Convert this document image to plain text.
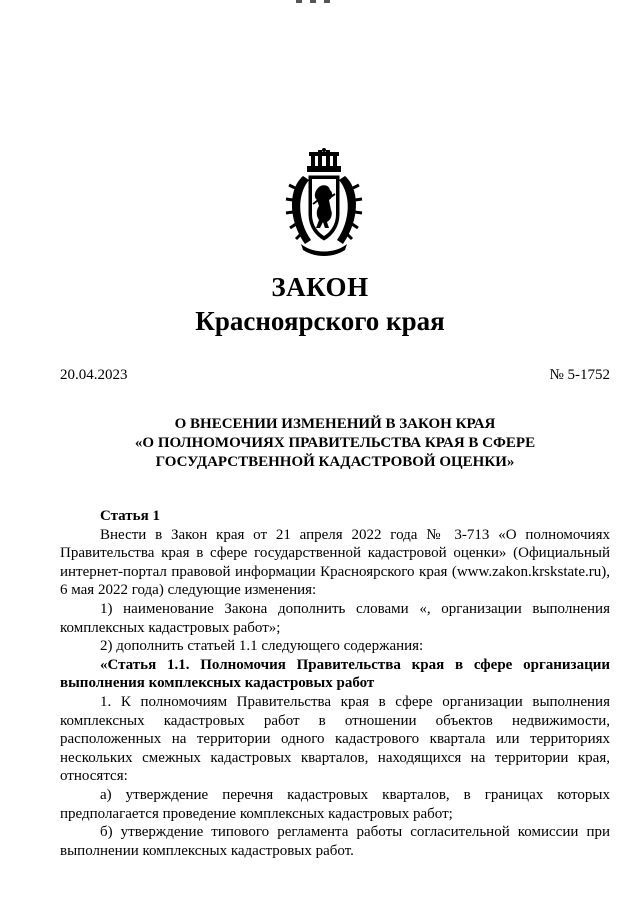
ЗАКОН
Красноярского края
20.04.2023	№ 5-1752
О ВНЕСЕНИИ ИЗМЕНЕНИЙ В ЗАКОН КРАЯ
«О ПОЛНОМОЧИЯХ ПРАВИТЕЛЬСТВА КРАЯ В СФЕРЕ
ГОСУДАРСТВЕННОЙ КАДАСТРОВОЙ ОЦЕНКИ»

Статья 1

Внести в Закон края от 21 апреля 2022 года № 3-713 «О полномочиях Правительства края в сфере государственной кадастровой оценки» (Официальный интернет-портал правовой информации Красноярского края (www.zakon.krskstate.ru), 6 мая 2022 года) следующие изменения:

1) наименование Закона дополнить словами «, организации выполнения комплексных кадастровых работ»;

2) дополнить статьей 1.1 следующего содержания:

«Статья 1.1. Полномочия Правительства края в сфере организации выполнения комплексных кадастровых работ

1. К полномочиям Правительства края в сфере организации выполнения комплексных кадастровых работ в отношении объектов недвижимости, расположенных на территории одного кадастрового квартала или территориях нескольких смежных кадастровых кварталов, находящихся на территории края, относятся:

а) утверждение перечня кадастровых кварталов, в границах которых предполагается проведение комплексных кадастровых работ;

б) утверждение типового регламента работы согласительной комиссии при выполнении комплексных кадастровых работ.
